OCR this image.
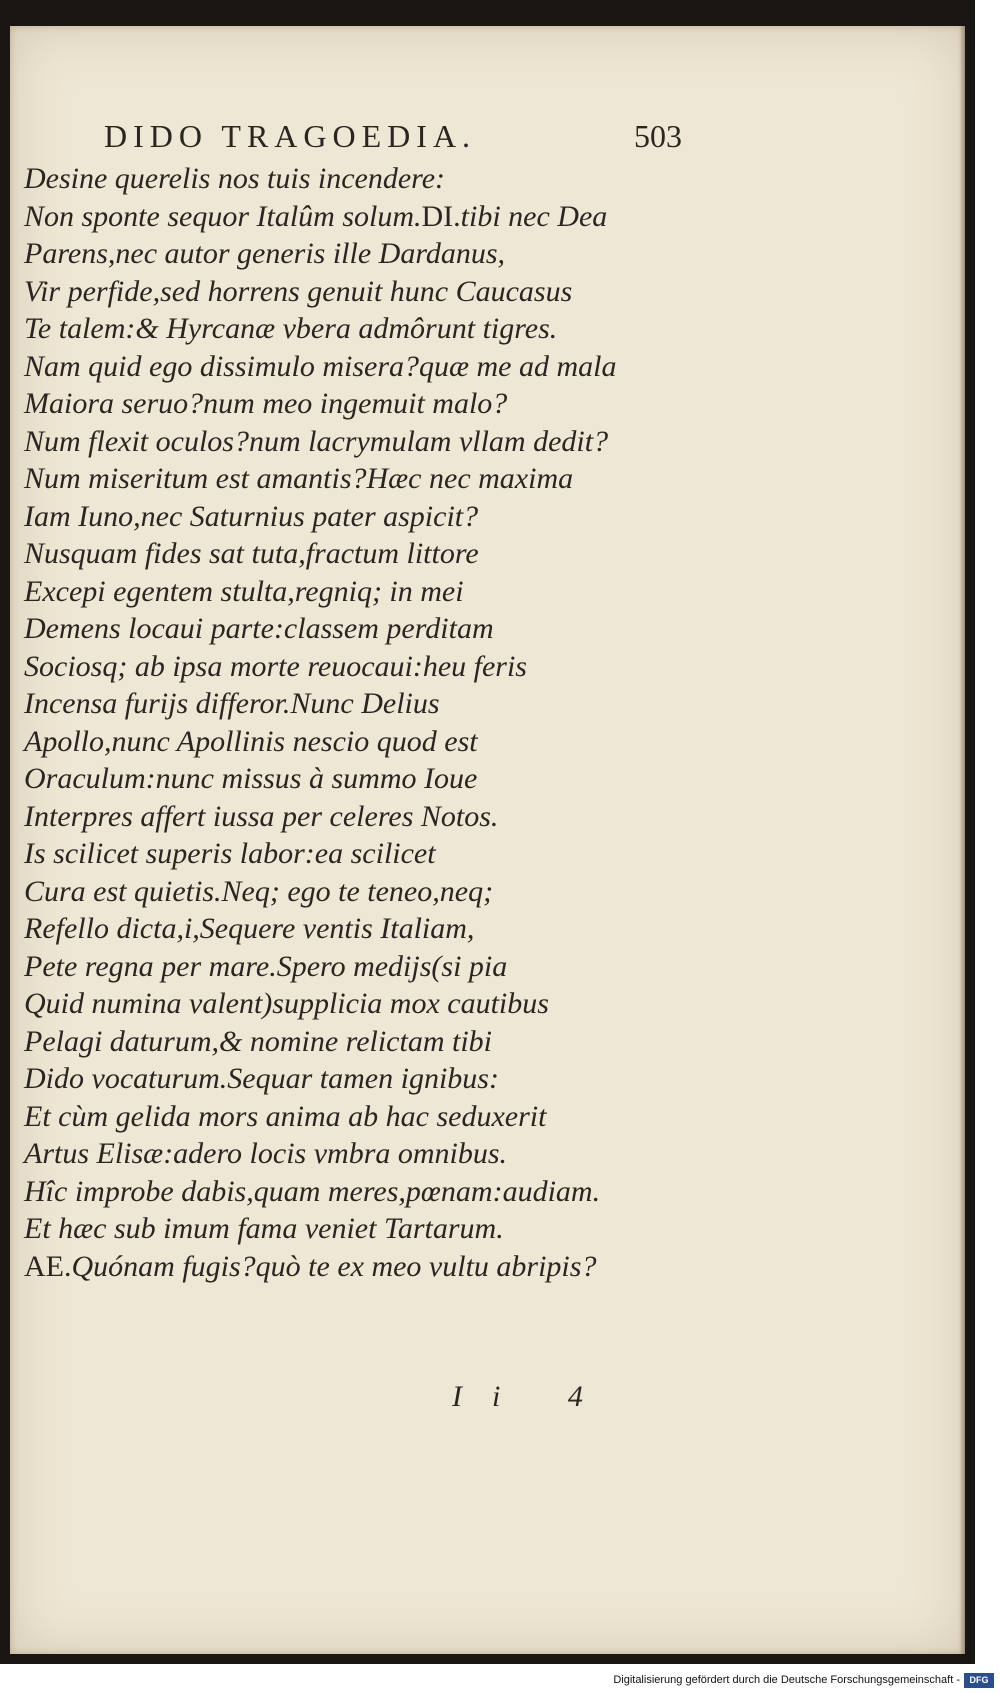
DIDO TRAGOEDIA.	503
Desine querelis nos tuis incendere:
Non sponte sequor Italûm solum.DI.tibi nec Dea
Parens,nec autor generis ille Dardanus,
Vir perfide,sed horrens genuit hunc Caucasus
Te talem:& Hyrcanæ vbera admôrunt tigres.
Nam quid ego dissimulo misera?quæ me ad mala
Maiora seruo?num meo ingemuit malo?
Num flexit oculos?num lacrymulam vllam dedit?
Num miseritum est amantis?Hæc nec maxima
Iam Iuno,nec Saturnius pater aspicit?
Nusquam fides sat tuta,fractum littore
Excepi egentem stulta,regniq; in mei
Demens locaui parte:classem perditam
Sociosq; ab ipsa morte reuocaui:heu feris
Incensa furijs differor.Nunc Delius
Apollo,nunc Apollinis nescio quod est
Oraculum:nunc missus à summo Ioue
Interpres affert iussa per celeres Notos.
Is scilicet superis labor:ea scilicet
Cura est quietis.Neq; ego te teneo,neq;
Refello dicta,i,Sequere ventis Italiam,
Pete regna per mare.Spero medijs(si pia
Quid numina valent)supplicia mox cautibus
Pelagi daturum,& nomine relictam tibi
Dido vocaturum.Sequar tamen ignibus:
Et cùm gelida mors anima ab hac seduxerit
Artus Elisæ:adero locis vmbra omnibus.
Hîc improbe dabis,quam meres,pœnam:audiam.
Et hæc sub imum fama veniet Tartarum.
AE.Quónam fugis?quò te ex meo vultu abripis?
Ii 4
Digitalisierung gefördert durch die Deutsche Forschungsgemeinschaft -	DFG
